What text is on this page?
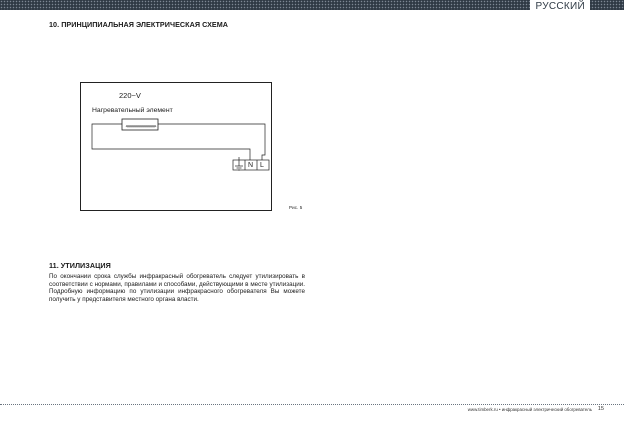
РУССКИЙ
10. ПРИНЦИПИАЛЬНАЯ ЭЛЕКТРИЧЕСКАЯ СХЕМА
220~V
Нагревательный элемент
N L
Рис. 5
11. УТИЛИЗАЦИЯ

По окончании срока службы инфракрасный обогреватель следует утилизировать в соответствии с нормами, правилами и способами, действующими в месте утилизации. Подробную информацию по утилизации инфракрасного обогревателя Вы можете получить у представителя местного органа власти.

www.timberk.ru • инфракрасный электрический обогреватель 15
